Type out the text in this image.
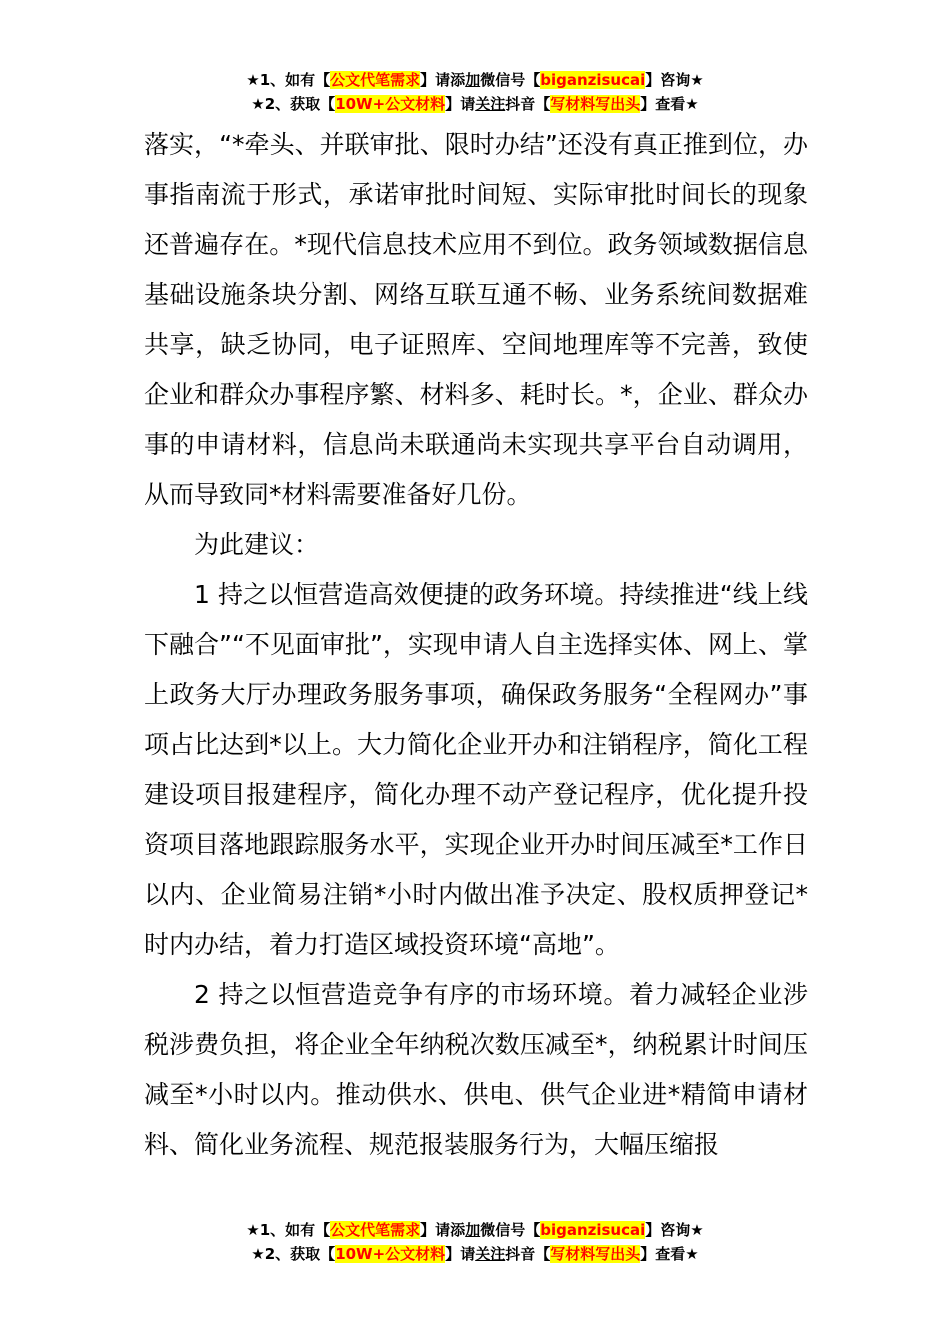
★1、如有【公文代笔需求】请添加微信号【biganzisucai】咨询★
★2、获取【10W+公文材料】请关注抖音【写材料写出头】查看★

落实，“*牵头、并联审批、限时办结”还没有真正推到位，办事指南流于形式，承诺审批时间短、实际审批时间长的现象还普遍存在。*现代信息技术应用不到位。政务领域数据信息基础设施条块分割、网络互联互通不畅、业务系统间数据难共享，缺乏协同，电子证照库、空间地理库等不完善，致使企业和群众办事程序繁、材料多、耗时长。*，企业、群众办事的申请材料，信息尚未联通尚未实现共享平台自动调用，从而导致同*材料需要准备好几份。

为此建议：

1 持之以恒营造高效便捷的政务环境。持续推进“线上线下融合”“不见面审批”，实现申请人自主选择实体、网上、掌上政务大厅办理政务服务事项，确保政务服务“全程网办”事项占比达到*以上。大力简化企业开办和注销程序，简化工程建设项目报建程序，简化办理不动产登记程序，优化提升投资项目落地跟踪服务水平，实现企业开办时间压减至*工作日以内、企业简易注销*小时内做出准予决定、股权质押登记*时内办结，着力打造区域投资环境“高地”。

2 持之以恒营造竞争有序的市场环境。着力减轻企业涉税涉费负担，将企业全年纳税次数压减至*，纳税累计时间压减至*小时以内。推动供水、供电、供气企业进*精简申请材料、简化业务流程、规范报装服务行为，大幅压缩报

★1、如有【公文代笔需求】请添加微信号【biganzisucai】咨询★
★2、获取【10W+公文材料】请关注抖音【写材料写出头】查看★
